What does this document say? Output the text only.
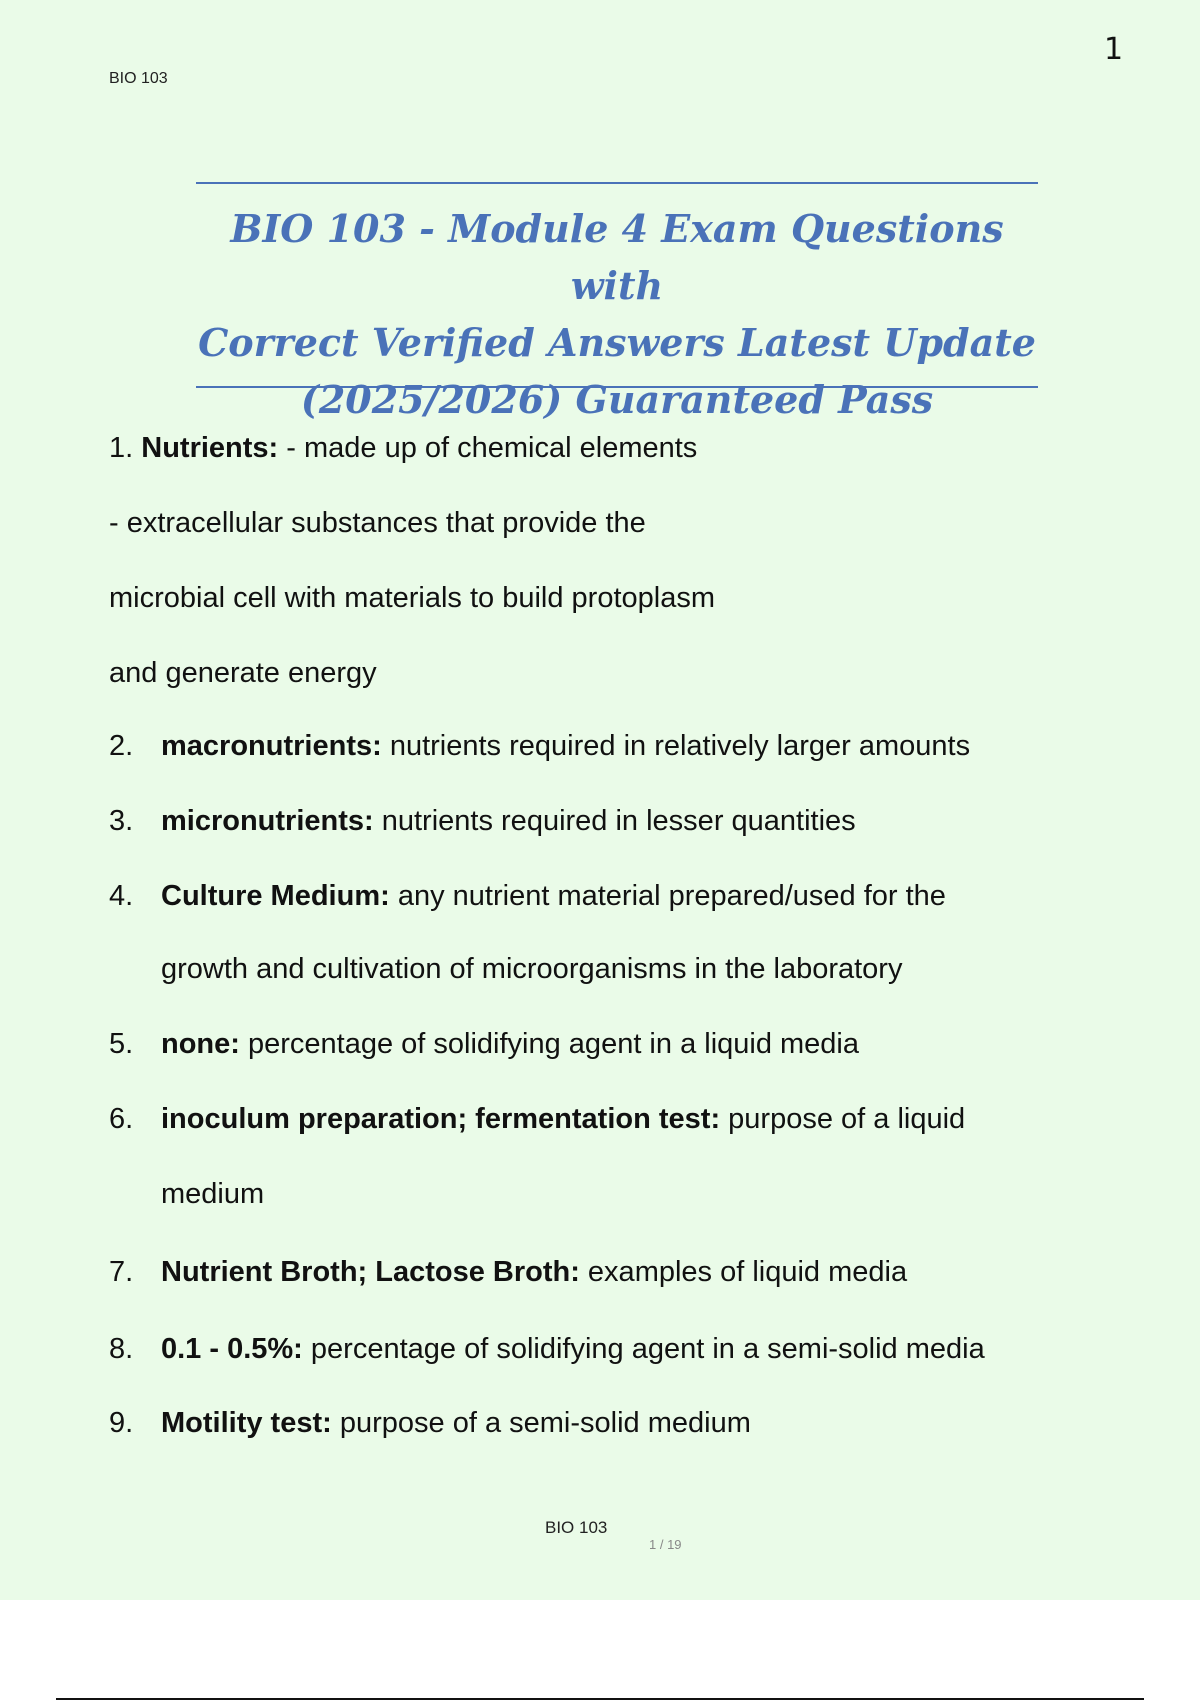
BIO 103
1
BIO 103 - Module 4 Exam Questions with
Correct Verified Answers Latest Update
(2025/2026) Guaranteed Pass
1. Nutrients: - made up of chemical elements
- extracellular substances that provide the
microbial cell with materials to build protoplasm
and generate energy
2. macronutrients: nutrients required in relatively larger amounts
3. micronutrients: nutrients required in lesser quantities
4. Culture Medium: any nutrient material prepared/used for the
growth and cultivation of microorganisms in the laboratory
5. none: percentage of solidifying agent in a liquid media
6. inoculum preparation; fermentation test: purpose of a liquid
medium
7. Nutrient Broth; Lactose Broth: examples of liquid media
8. 0.1 - 0.5%: percentage of solidifying agent in a semi-solid media
9. Motility test: purpose of a semi-solid medium
BIO 103
1 / 19
